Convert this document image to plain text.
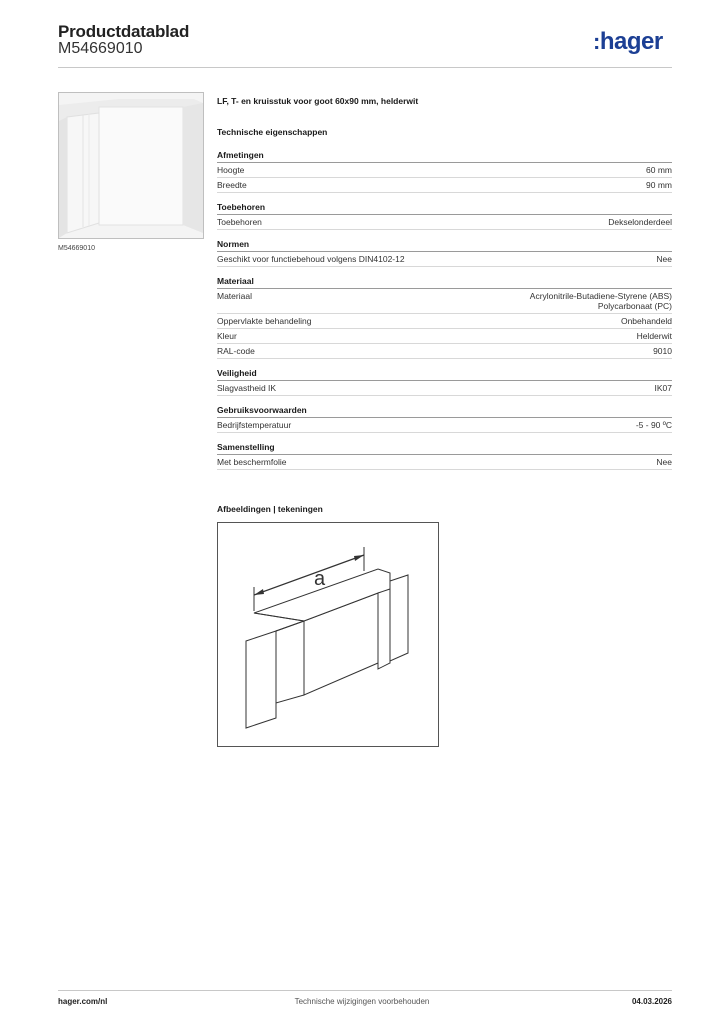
Productdatablad
M54669010	:hager
M54669010
LF, T- en kruisstuk voor goot 60x90 mm, helderwit
Technische eigenschappen
Afmetingen
Hoogte	60 mm
Breedte	90 mm
Toebehoren
Toebehoren	Dekselonderdeel
Normen
Geschikt voor functiebehoud volgens DIN4102-12	Nee
Materiaal
Materiaal	Acrylonitrile-Butadiene-Styrene (ABS)
Polycarbonaat (PC)
Oppervlakte behandeling	Onbehandeld
Kleur	Helderwit
RAL-code	9010
Veiligheid
Slagvastheid IK	IK07
Gebruiksvoorwaarden
Bedrijfstemperatuur	-5 - 90 ºC
Samenstelling
Met beschermfolie	Nee
Afbeeldingen | tekeningen
a
hager.com/nl	Technische wijzigingen voorbehouden	04.03.2026
